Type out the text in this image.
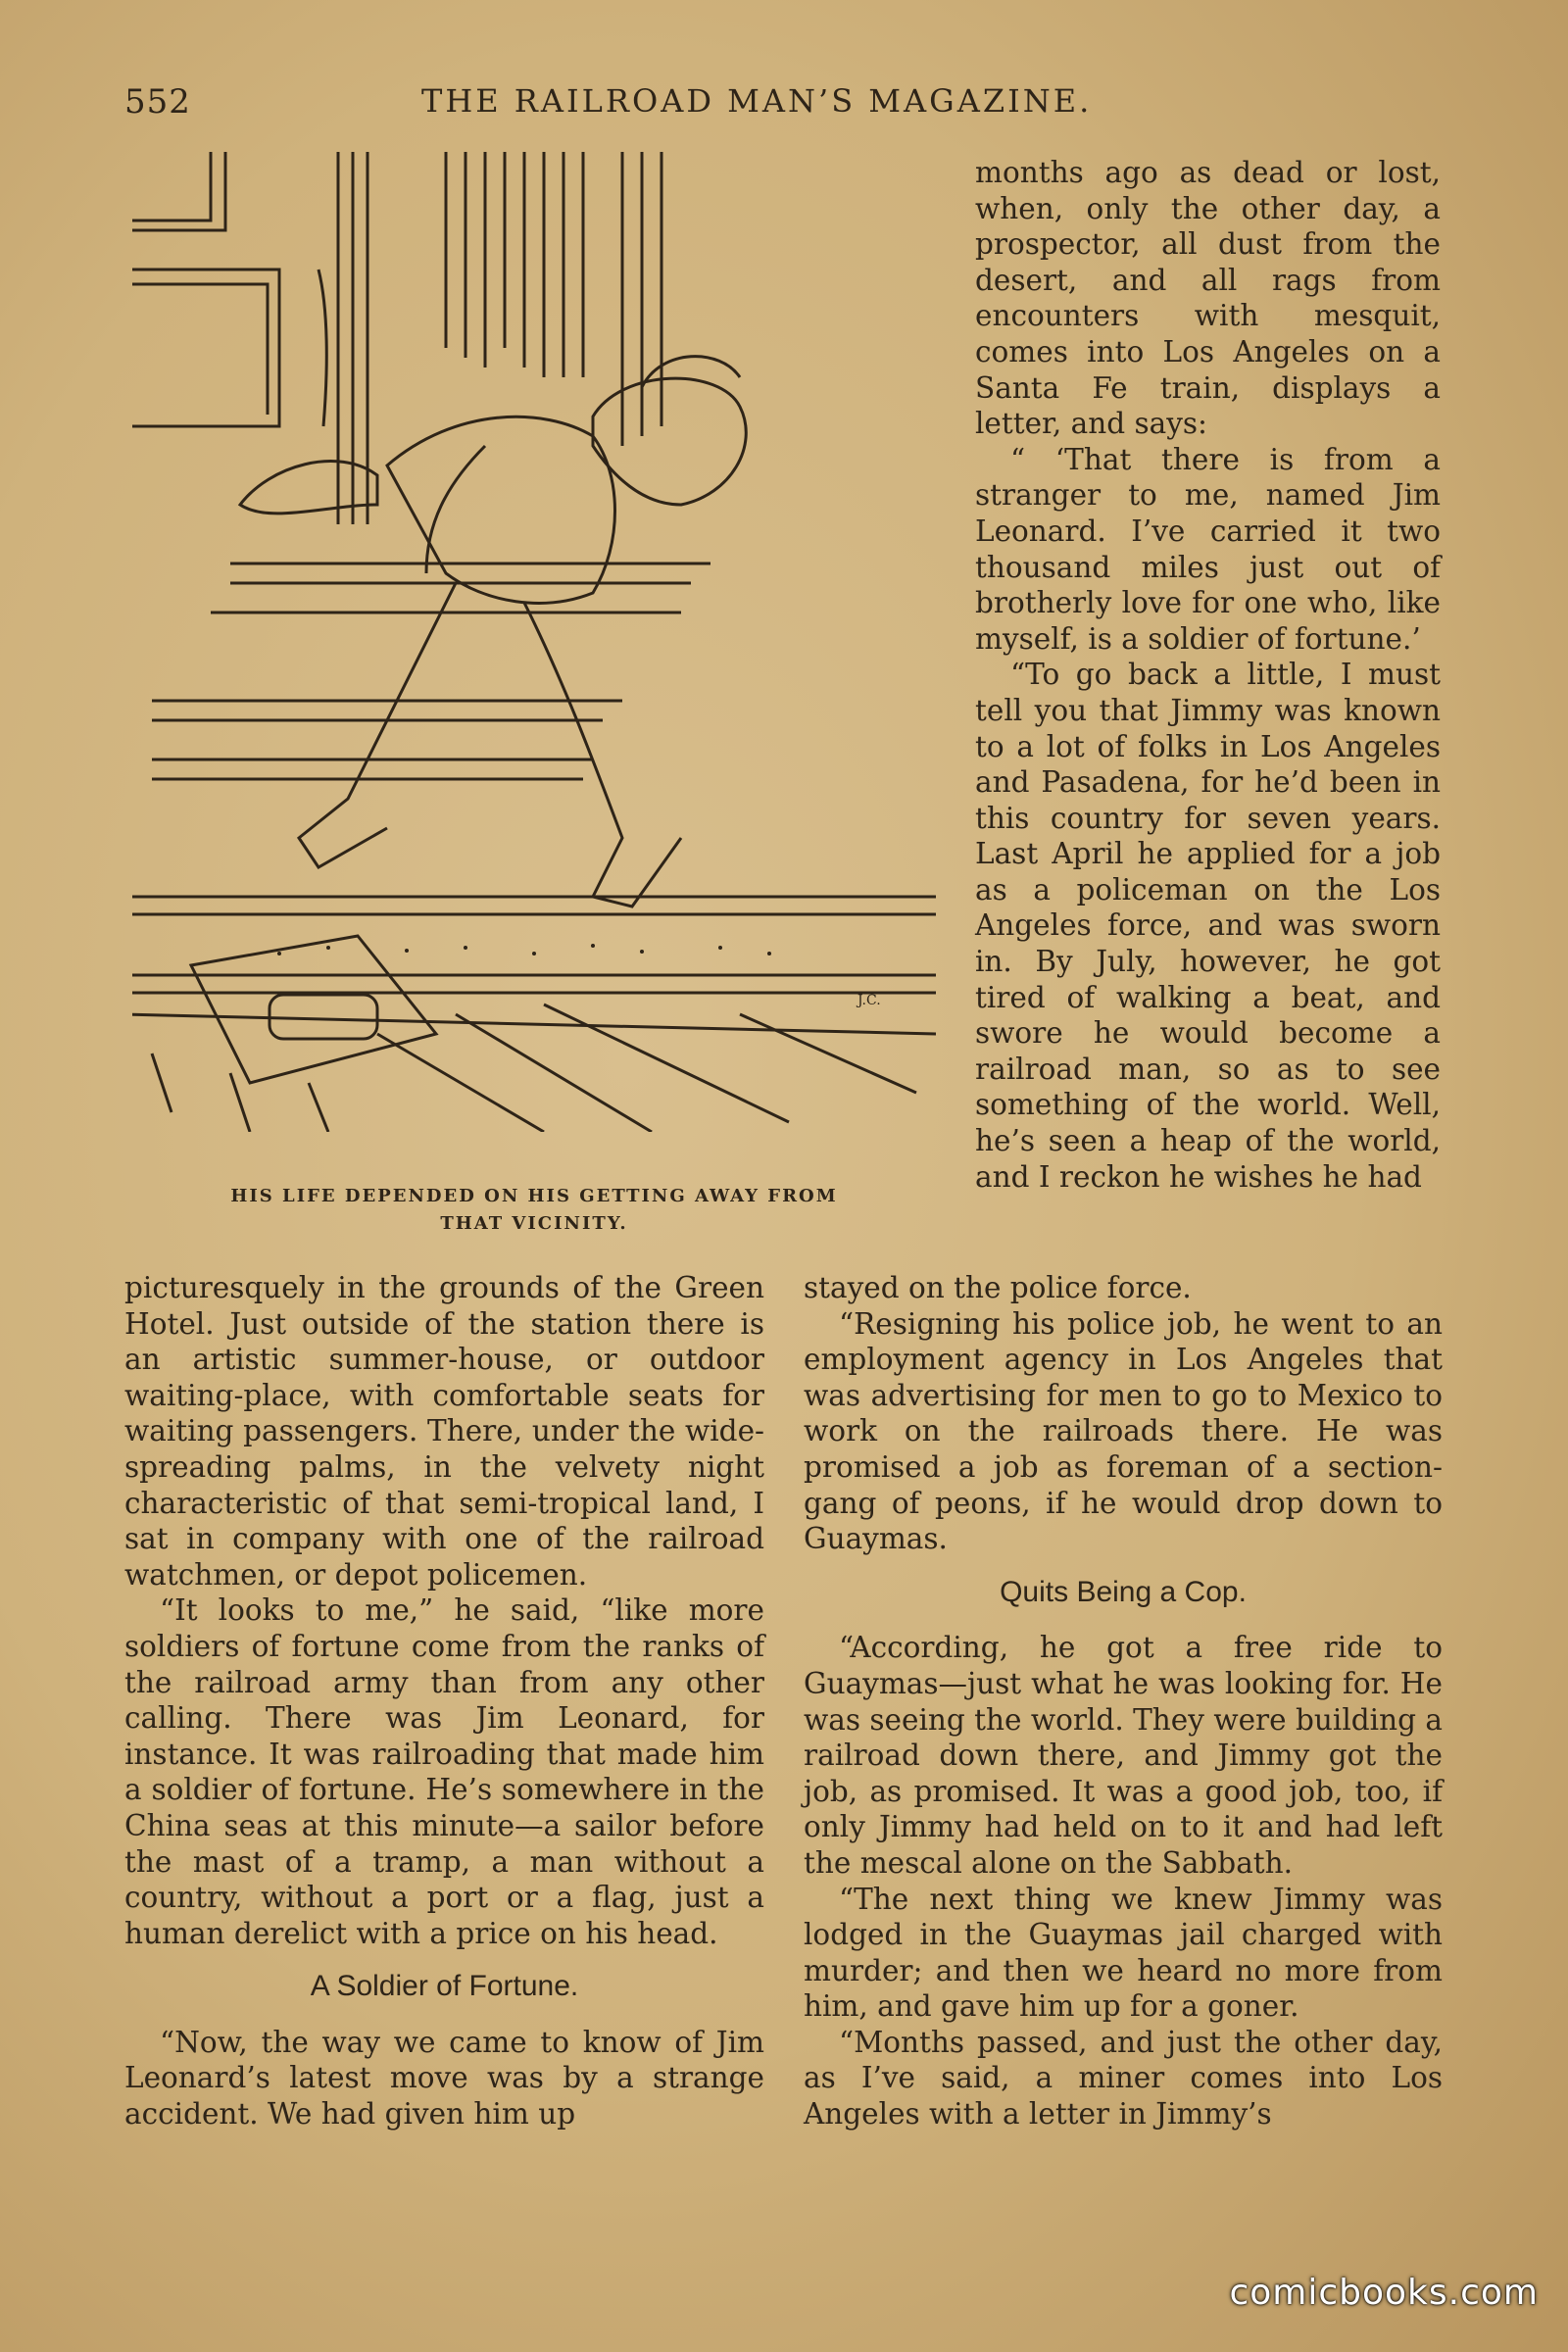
552	THE RAILROAD MAN’S MAGAZINE.
J.C.
HIS LIFE DEPENDED ON HIS GETTING AWAY FROM
THAT VICINITY.

months ago as dead or lost, when, only the other day, a prospector, all dust from the desert, and all rags from encounters with mesquit, comes into Los Angeles on a Santa Fe train, displays a letter, and says:

“ ‘That there is from a stranger to me, named Jim Leonard. I’ve carried it two thousand miles just out of brotherly love for one who, like myself, is a soldier of fortune.’

“To go back a little, I must tell you that Jimmy was known to a lot of folks in Los Angeles and Pasadena, for he’d been in this country for seven years. Last April he applied for a job as a policeman on the Los Angeles force, and was sworn in. By July, however, he got tired of walking a beat, and swore he would become a railroad man, so as to see something of the world. Well, he’s seen a heap of the world, and I reckon he wishes he had

picturesquely in the grounds of the Green Hotel. Just outside of the station there is an artistic summer-house, or outdoor waiting-place, with comfortable seats for waiting passengers. There, under the wide-spreading palms, in the velvety night characteristic of that semi-tropical land, I sat in company with one of the railroad watchmen, or depot policemen.

“It looks to me,” he said, “like more soldiers of fortune come from the ranks of the railroad army than from any other calling. There was Jim Leonard, for instance. It was railroading that made him a soldier of fortune. He’s somewhere in the China seas at this minute—a sailor before the mast of a tramp, a man without a country, without a port or a flag, just a human derelict with a price on his head.

A Soldier of Fortune.

“Now, the way we came to know of Jim Leonard’s latest move was by a strange accident. We had given him up

stayed on the police force.

“Resigning his police job, he went to an employment agency in Los Angeles that was advertising for men to go to Mexico to work on the railroads there. He was promised a job as foreman of a section-gang of peons, if he would drop down to Guaymas.

Quits Being a Cop.

“According, he got a free ride to Guaymas—just what he was looking for. He was seeing the world. They were building a railroad down there, and Jimmy got the job, as promised. It was a good job, too, if only Jimmy had held on to it and had left the mescal alone on the Sabbath.

“The next thing we knew Jimmy was lodged in the Guaymas jail charged with murder; and then we heard no more from him, and gave him up for a goner.

“Months passed, and just the other day, as I’ve said, a miner comes into Los Angeles with a letter in Jimmy’s

comicbooks.com
